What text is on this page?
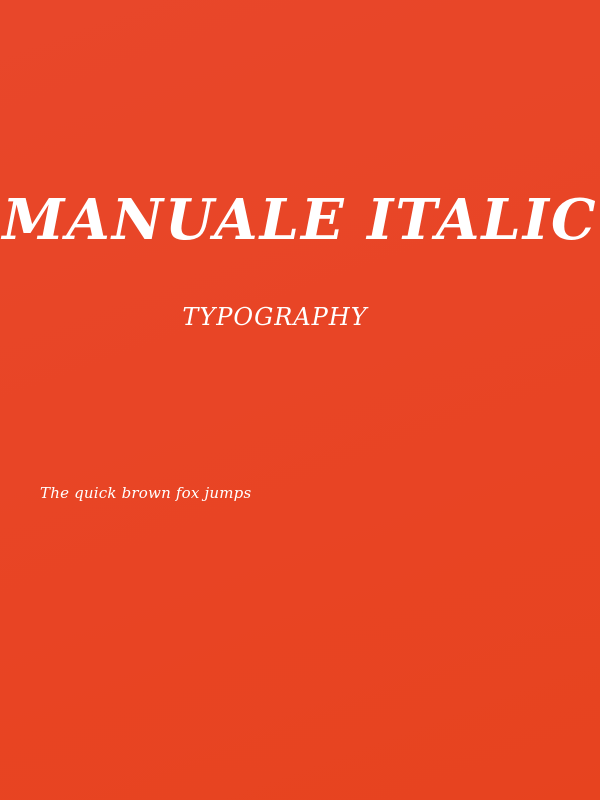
MANUALE ITALIC
TYPOGRAPHY
The quick brown fox jumps
